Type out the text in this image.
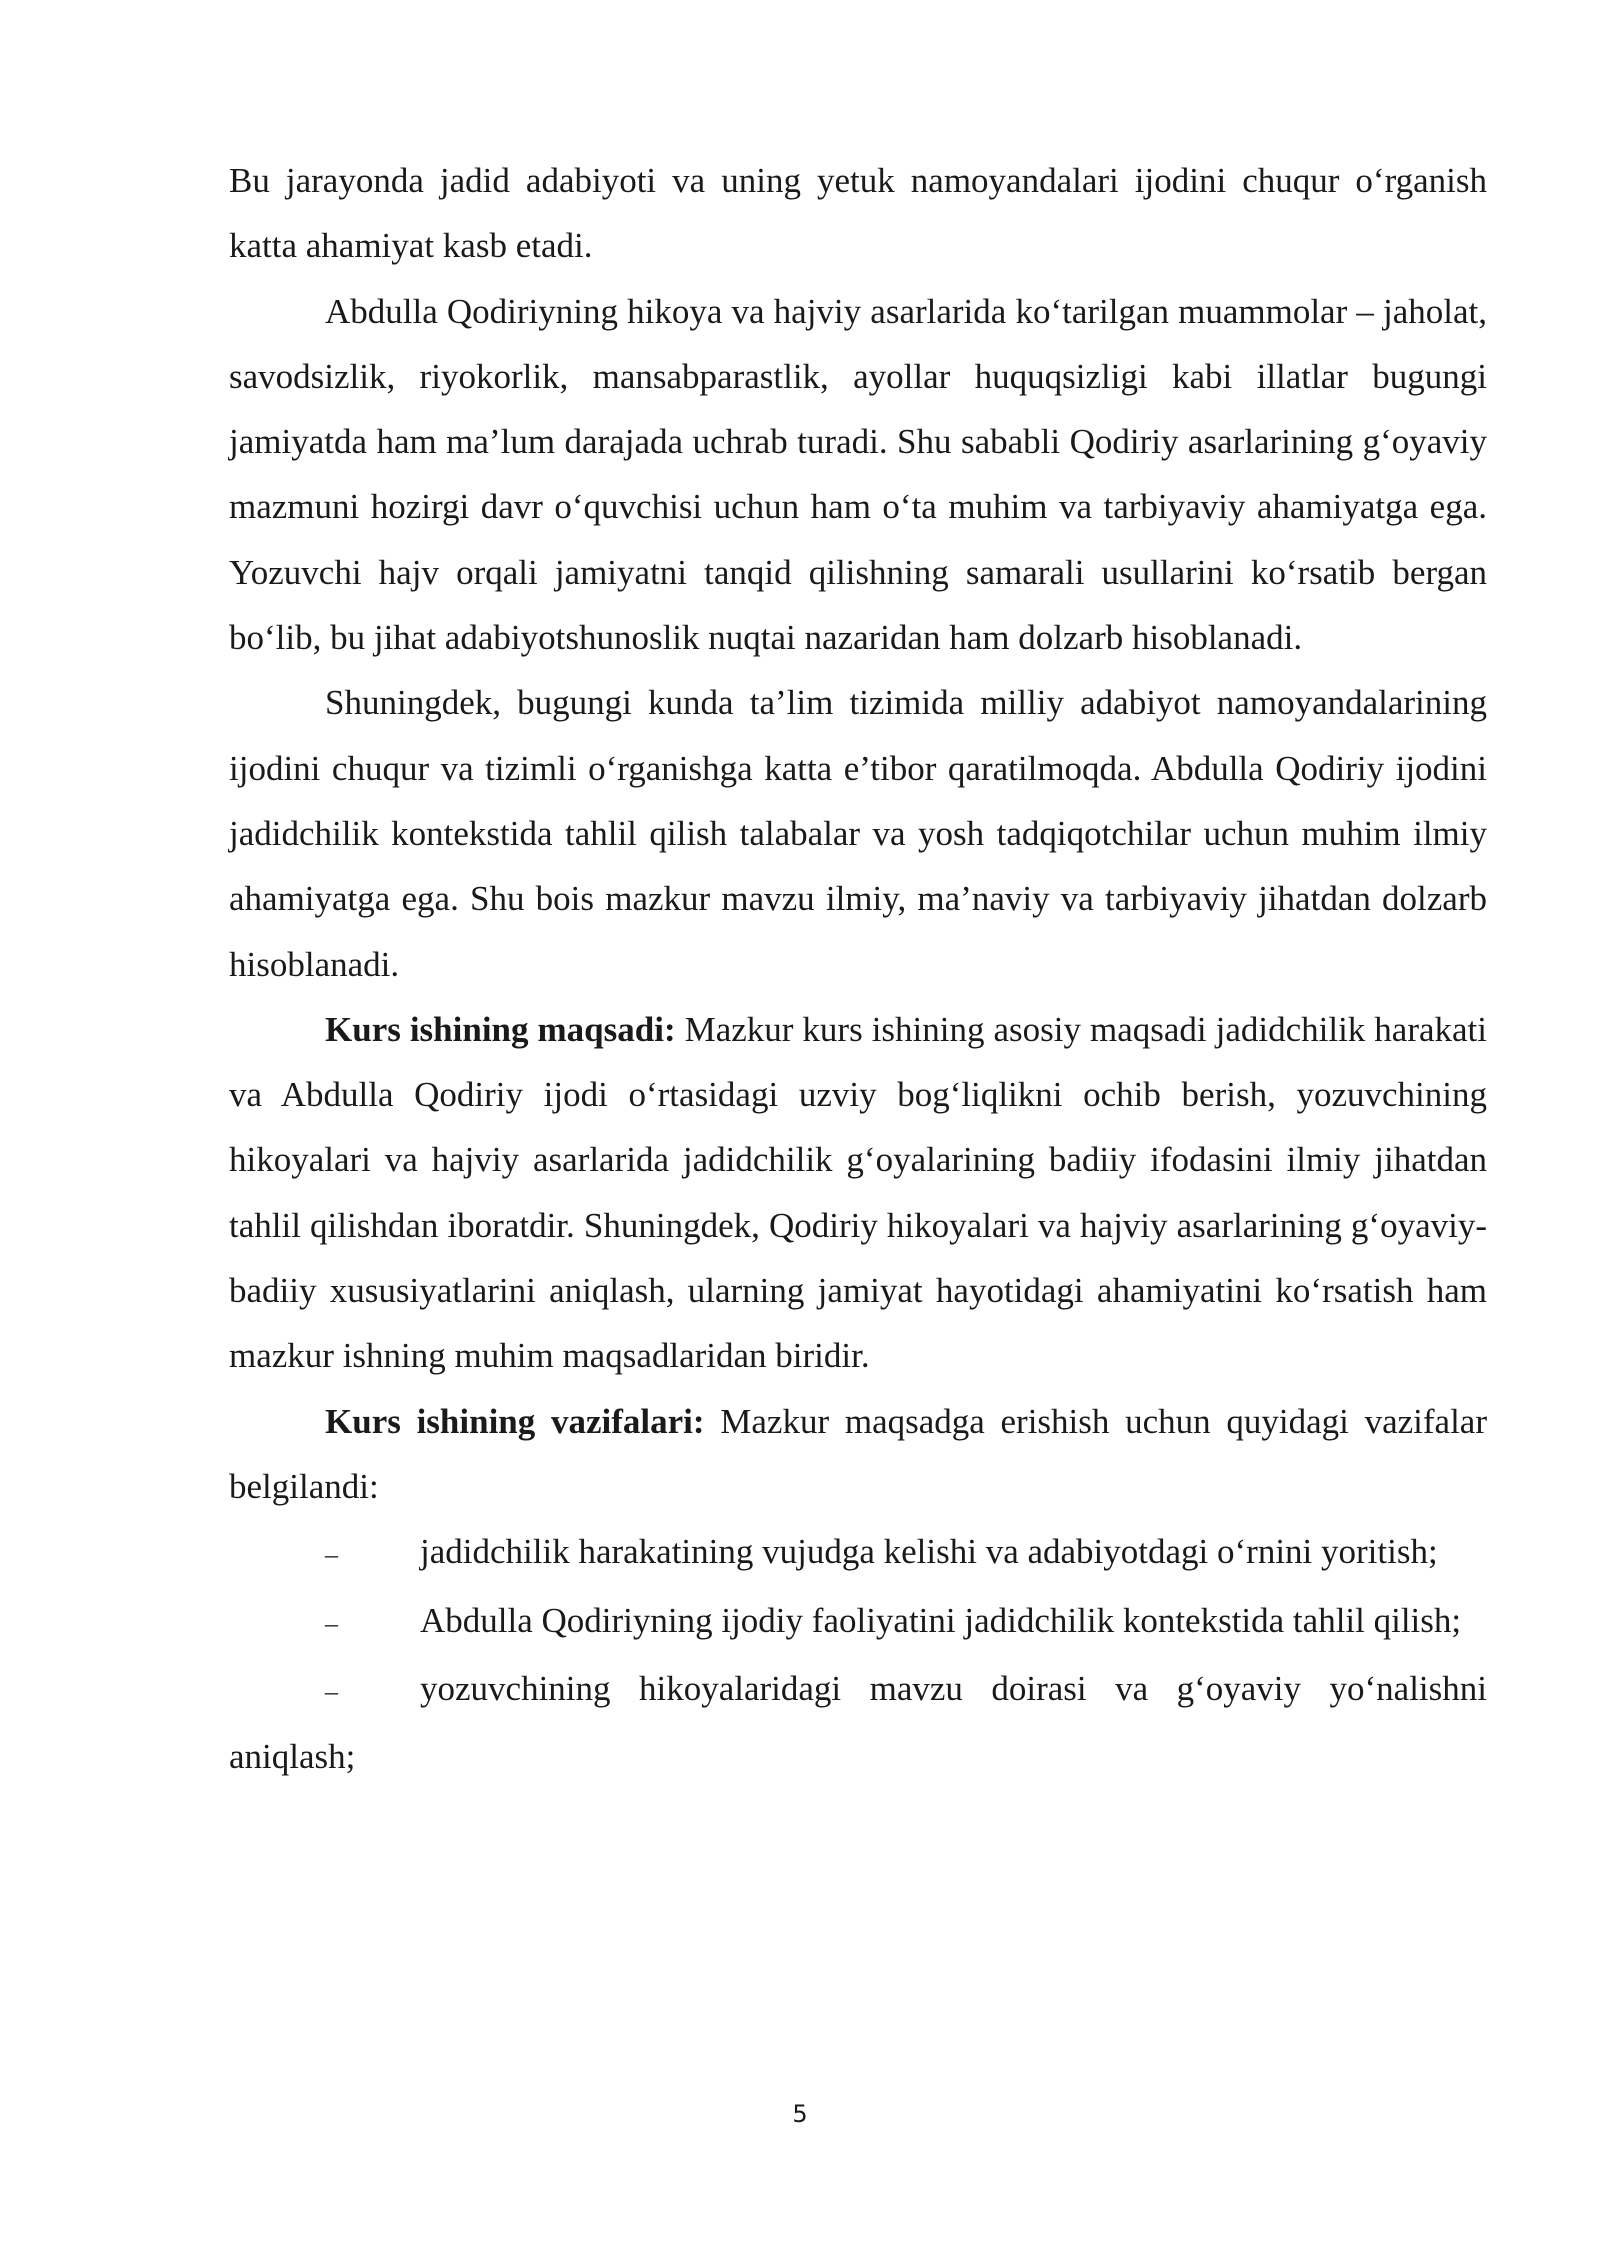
Bu jarayonda jadid adabiyoti va uning yetuk namoyandalari ijodini chuqur o‘rganish katta ahamiyat kasb etadi.

Abdulla Qodiriyning hikoya va hajviy asarlarida ko‘tarilgan muammolar – jaholat, savodsizlik, riyokorlik, mansabparastlik, ayollar huquqsizligi kabi illatlar bugungi jamiyatda ham ma’lum darajada uchrab turadi. Shu sababli Qodiriy asarlarining g‘oyaviy mazmuni hozirgi davr o‘quvchisi uchun ham o‘ta muhim va tarbiyaviy ahamiyatga ega. Yozuvchi hajv orqali jamiyatni tanqid qilishning samarali usullarini ko‘rsatib bergan bo‘lib, bu jihat adabiyotshunoslik nuqtai nazaridan ham dolzarb hisoblanadi.

Shuningdek, bugungi kunda ta’lim tizimida milliy adabiyot namoyandalarining ijodini chuqur va tizimli o‘rganishga katta e’tibor qaratilmoqda. Abdulla Qodiriy ijodini jadidchilik kontekstida tahlil qilish talabalar va yosh tadqiqotchilar uchun muhim ilmiy ahamiyatga ega. Shu bois mazkur mavzu ilmiy, ma’naviy va tarbiyaviy jihatdan dolzarb hisoblanadi.

Kurs ishining maqsadi: Mazkur kurs ishining asosiy maqsadi jadidchilik harakati va Abdulla Qodiriy ijodi o‘rtasidagi uzviy bog‘liqlikni ochib berish, yozuvchining hikoyalari va hajviy asarlarida jadidchilik g‘oyalarining badiiy ifodasini ilmiy jihatdan tahlil qilishdan iboratdir. Shuningdek, Qodiriy hikoyalari va hajviy asarlarining g‘oyaviy-badiiy xususiyatlarini aniqlash, ularning jamiyat hayotidagi ahamiyatini ko‘rsatish ham mazkur ishning muhim maqsadlaridan biridir.

Kurs ishining vazifalari: Mazkur maqsadga erishish uchun quyidagi vazifalar belgilandi:

– jadidchilik harakatining vujudga kelishi va adabiyotdagi o‘rnini yoritish;

– Abdulla Qodiriyning ijodiy faoliyatini jadidchilik kontekstida tahlil qilish;

– yozuvchining hikoyalaridagi mavzu doirasi va g‘oyaviy yo‘nalishni aniqlash;

5
